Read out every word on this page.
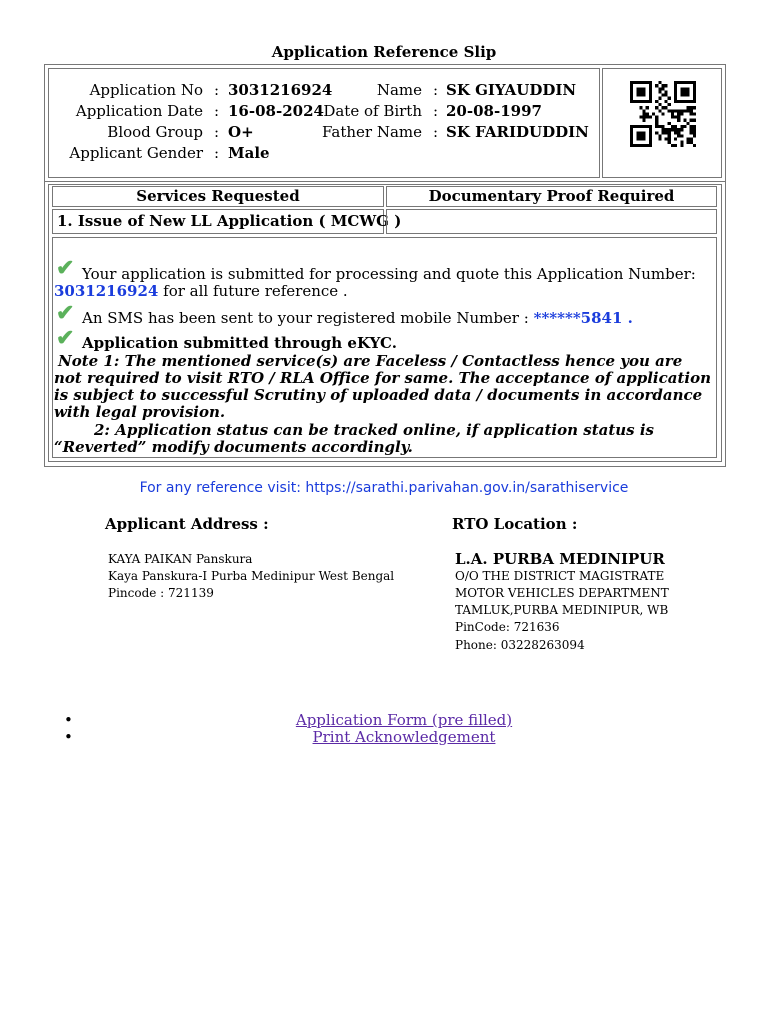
Application Reference Slip
Application No : 3031216924
Application Date : 16-08-2024
Blood Group : O+
Applicant Gender : Male
Name : SK GIYAUDDIN
Date of Birth : 20-08-1997
Father Name : SK FARIDUDDIN
Services Requested	Documentary Proof Required
1. Issue of New LL Application ( MCWG )
✔ Your application is submitted for processing and quote this Application Number:
3031216924 for all future reference .
✔ An SMS has been sent to your registered mobile Number : ******5841 .
✔ Application submitted through eKYC.
Note 1: The mentioned service(s) are Faceless / Contactless hence you are not required to visit RTO / RLA Office for same. The acceptance of application is subject to successful Scrutiny of uploaded data / documents in accordance with legal provision.
2: Application status can be tracked online, if application status is “Reverted” modify documents accordingly.
For any reference visit: https://sarathi.parivahan.gov.in/sarathiservice
Applicant Address :
KAYA PAIKAN Panskura
Kaya Panskura-I Purba Medinipur West Bengal
Pincode : 721139
RTO Location :
L.A. PURBA MEDINIPUR
O/O THE DISTRICT MAGISTRATE
MOTOR VEHICLES DEPARTMENT
TAMLUK,PURBA MEDINIPUR, WB
PinCode: 721636
Phone: 03228263094
•	Application Form (pre filled)
•	Print Acknowledgement
